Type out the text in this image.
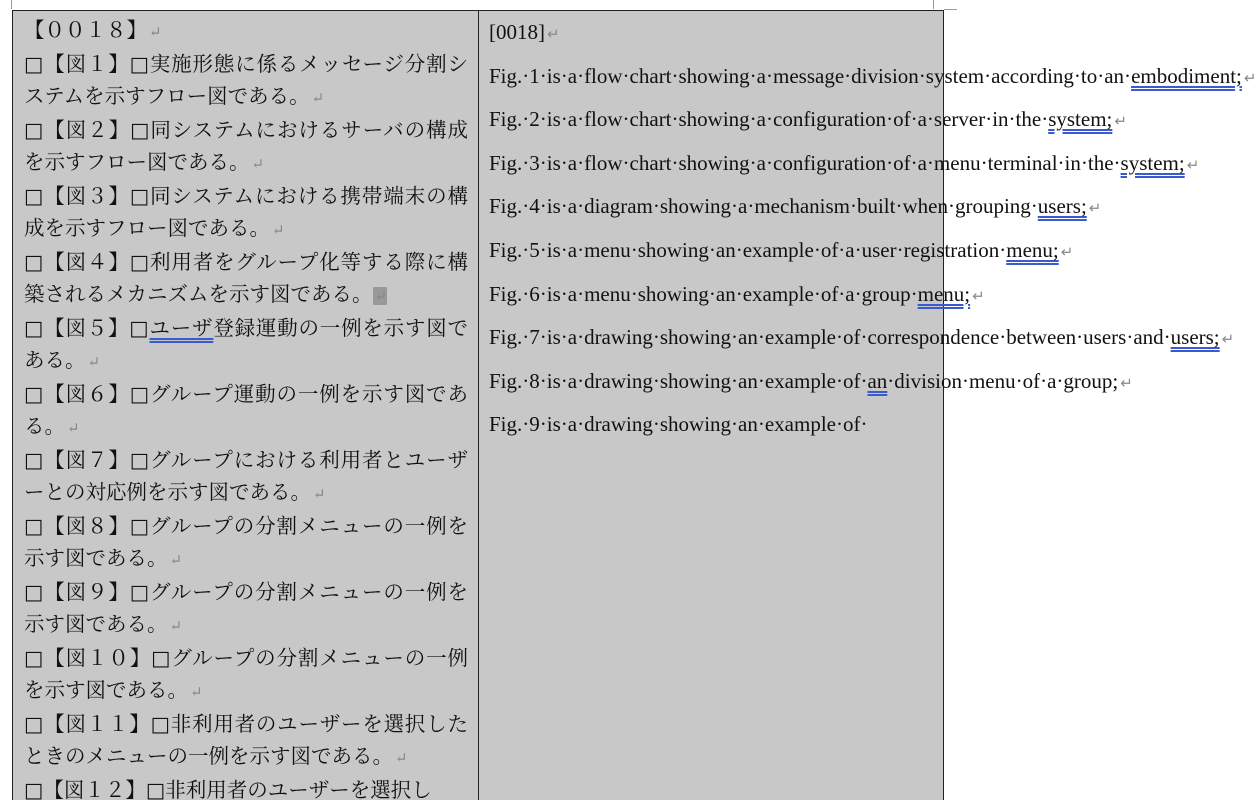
【００１８】 ↵
□【図１】□実施形態に係るメッセージ分割システムを示すフロー図である。 ↵
□【図２】□同システムにおけるサーバの構成を示すフロー図である。 ↵
□【図３】□同システムにおける携帯端末の構成を示すフロー図である。 ↵
□【図４】□利用者をグループ化等する際に構築されるメカニズムを示す図である。 ↵
□【図５】□ユーザ登録運動の一例を示す図である。 ↵
□【図６】□グループ運動の一例を示す図である。 ↵
□【図７】□グループにおける利用者とユーザーとの対応例を示す図である。 ↵
□【図８】□グループの分割メニューの一例を示す図である。 ↵
□【図９】□グループの分割メニューの一例を示す図である。 ↵
□【図１０】□グループの分割メニューの一例を示す図である。 ↵
□【図１１】□非利用者のユーザーを選択したときのメニューの一例を示す図である。 ↵
□【図１２】□非利用者のユーザーを選択し
[0018] ↵
Fig.·1·is·a·flow·chart·showing·a·message·division·system·according·to·an·embodiment; ↵
Fig.·2·is·a·flow·chart·showing·a·configuration·of·a·server·in·the·system; ↵
Fig.·3·is·a·flow·chart·showing·a·configuration·of·a·menu·terminal·in·the·system; ↵
Fig.·4·is·a·diagram·showing·a·mechanism·built·when·grouping·users; ↵
Fig.·5·is·a·menu·showing·an·example·of·a·user·registration·menu; ↵
Fig.·6·is·a·menu·showing·an·example·of·a·group·menu; ↵
Fig.·7·is·a·drawing·showing·an·example·of·correspondence·between·users·and·users; ↵
Fig.·8·is·a·drawing·showing·an·example·of·an·division·menu·of·a·group; ↵
Fig.·9·is·a·drawing·showing·an·example·of·
